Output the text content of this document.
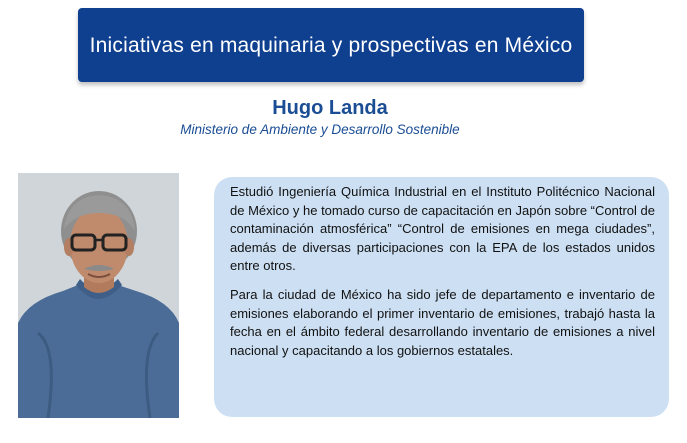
Iniciativas en maquinaria y prospectivas en México
Hugo Landa
Ministerio de Ambiente y Desarrollo Sostenible

Estudió Ingeniería Química Industrial en el Instituto Politécnico Nacional de México y he tomado curso de capacitación en Japón sobre “Control de contaminación atmosférica” “Control de emisiones en mega ciudades”, además de diversas participaciones con la EPA de los estados unidos entre otros.

Para la ciudad de México ha sido jefe de departamento e inventario de emisiones elaborando el primer inventario de emisiones, trabajó hasta la fecha en el ámbito federal desarrollando inventario de emisiones a nivel nacional y capacitando a los gobiernos estatales.
